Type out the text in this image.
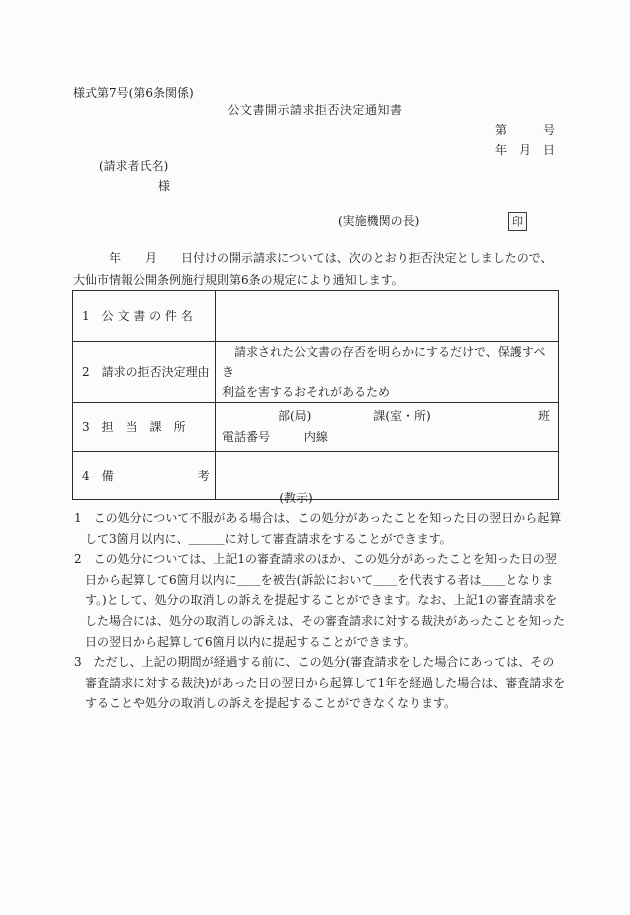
様式第7号(第6条関係)
公文書開示請求拒否決定通知書
第　　　号
年　月　日
(請求者氏名)
様
(実施機関の長)	印
　　　年　　月　　日付けの開示請求については、次のとおり拒否決定としましたので、
大仙市情報公開条例施行規則第6条の規定により通知します。
1　公 文 書 の 件 名	
2　請求の拒否決定理由	　請求された公文書の存否を明らかにするだけで、保護すべき
利益を害するおそれがあるため

3　担　当　課　所	部(局) 課(室・所) 班
電話番号 内線

4　備　　　　　　　考	
(教示)
1　この処分について不服がある場合は、この処分があったことを知った日の翌日から起算
して3箇月以内に、＿＿＿に対して審査請求をすることができます。
2　この処分については、上記1の審査請求のほか、この処分があったことを知った日の翌
日から起算して6箇月以内に＿＿を被告(訴訟において＿＿を代表する者は＿＿となりま
す。)として、処分の取消しの訴えを提起することができます。なお、上記1の審査請求を
した場合には、処分の取消しの訴えは、その審査請求に対する裁決があったことを知った
日の翌日から起算して6箇月以内に提起することができます。
3　ただし、上記の期間が経過する前に、この処分(審査請求をした場合にあっては、その
審査請求に対する裁決)があった日の翌日から起算して1年を経過した場合は、審査請求を
することや処分の取消しの訴えを提起することができなくなります。
